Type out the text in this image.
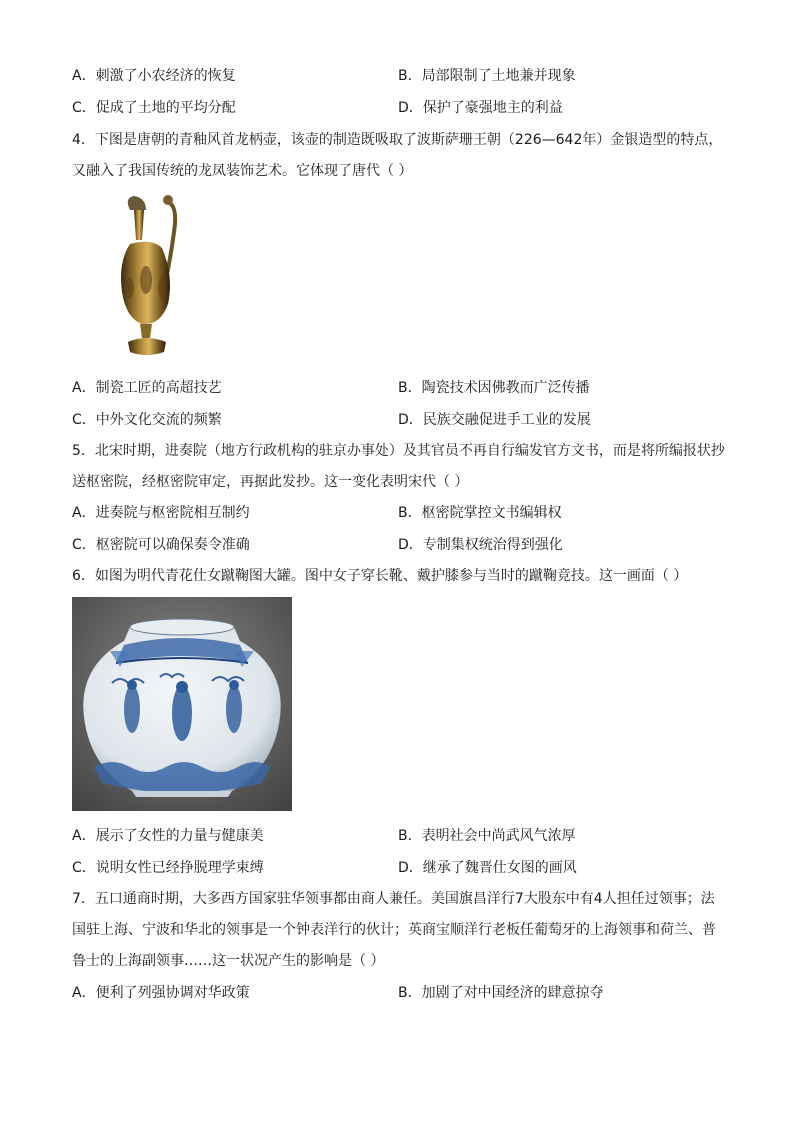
A．刺激了小农经济的恢复	B．局部限制了土地兼并现象
C．促成了土地的平均分配	D．保护了豪强地主的利益
4．下图是唐朝的青釉风首龙柄壶，该壶的制造既吸取了波斯萨珊王朝（226—642年）金银造型的特点，
又融入了我国传统的龙凤装饰艺术。它体现了唐代（ ）
A．制瓷工匠的高超技艺	B．陶瓷技术因佛教而广泛传播
C．中外文化交流的频繁	D．民族交融促进手工业的发展
5．北宋时期，进奏院（地方行政机构的驻京办事处）及其官员不再自行编发官方文书，而是将所编报状抄
送枢密院，经枢密院审定，再据此发抄。这一变化表明宋代（ ）
A．进奏院与枢密院相互制约	B．枢密院掌控文书编辑权
C．枢密院可以确保奏令准确	D．专制集权统治得到强化
6．如图为明代青花仕女蹴鞠图大罐。图中女子穿长靴、戴护膝参与当时的蹴鞠竞技。这一画面（ ）
A．展示了女性的力量与健康美	B．表明社会中尚武风气浓厚
C．说明女性已经挣脱理学束缚	D．继承了魏晋仕女图的画风
7．五口通商时期，大多西方国家驻华领事都由商人兼任。美国旗昌洋行7大股东中有4人担任过领事；法
国驻上海、宁波和华北的领事是一个钟表洋行的伙计；英商宝顺洋行老板任葡萄牙的上海领事和荷兰、普
鲁士的上海副领事……这一状况产生的影响是（ ）
A．便利了列强协调对华政策	B．加剧了对中国经济的肆意掠夺
